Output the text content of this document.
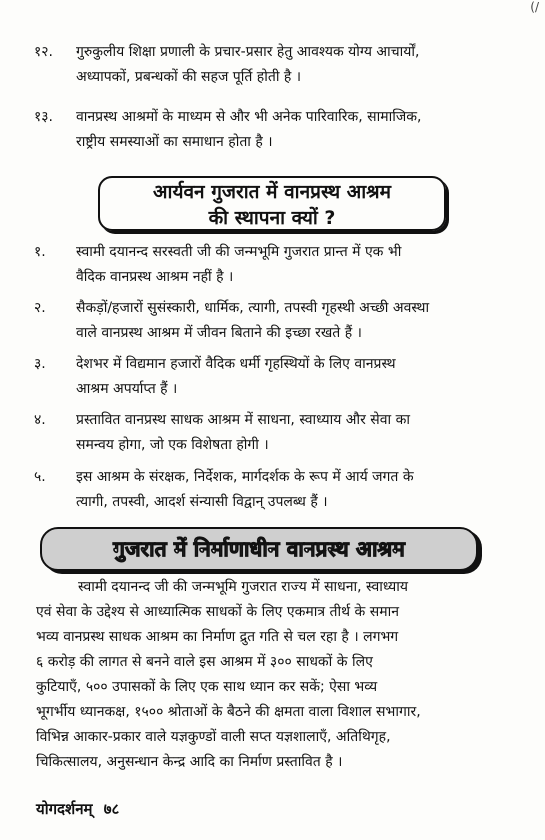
(/
१२.	गुरुकुलीय शिक्षा प्रणाली के प्रचार-प्रसार हेतु आवश्यक योग्य आचार्यों,
अध्यापकों, प्रबन्धकों की सहज पूर्ति होती है ।
१३.	वानप्रस्थ आश्रमों के माध्यम से और भी अनेक पारिवारिक, सामाजिक,
राष्ट्रीय समस्याओं का समाधान होता है ।
आर्यवन गुजरात में वानप्रस्थ आश्रम
की स्थापना क्यों ?
१.	स्वामी दयानन्द सरस्वती जी की जन्मभूमि गुजरात प्रान्त में एक भी
वैदिक वानप्रस्थ आश्रम नहीं है ।
२.	सैकड़ों/हजारों सुसंस्कारी, धार्मिक, त्यागी, तपस्वी गृहस्थी अच्छी अवस्था
वाले वानप्रस्थ आश्रम में जीवन बिताने की इच्छा रखते हैं ।
३.	देशभर में विद्यमान हजारों वैदिक धर्मी गृहस्थियों के लिए वानप्रस्थ
आश्रम अपर्याप्त हैं ।
४.	प्रस्तावित वानप्रस्थ साधक आश्रम में साधना, स्वाध्याय और सेवा का
समन्वय होगा, जो एक विशेषता होगी ।
५.	इस आश्रम के संरक्षक, निर्देशक, मार्गदर्शक के रूप में आर्य जगत के
त्यागी, तपस्वी, आदर्श संन्यासी विद्वान् उपलब्ध हैं ।
गुजरात में निर्माणाधीन वानप्रस्थ आश्रम
स्वामी दयानन्द जी की जन्मभूमि गुजरात राज्य में साधना, स्वाध्याय
एवं सेवा के उद्देश्य से आध्यात्मिक साधकों के लिए एकमात्र तीर्थ के समान
भव्य वानप्रस्थ साधक आश्रम का निर्माण द्रुत गति से चल रहा है । लगभग
६ करोड़ की लागत से बनने वाले इस आश्रम में ३०० साधकों के लिए
कुटियाएँ, ५०० उपासकों के लिए एक साथ ध्यान कर सकें; ऐसा भव्य
भूगर्भीय ध्यानकक्ष, १५०० श्रोताओं के बैठने की क्षमता वाला विशाल सभागार,
विभिन्न आकार-प्रकार वाले यज्ञकुण्डों वाली सप्त यज्ञशालाएँ, अतिथिगृह,
चिकित्सालय, अनुसन्धान केन्द्र आदि का निर्माण प्रस्तावित है ।
योगदर्शनम् ७८
